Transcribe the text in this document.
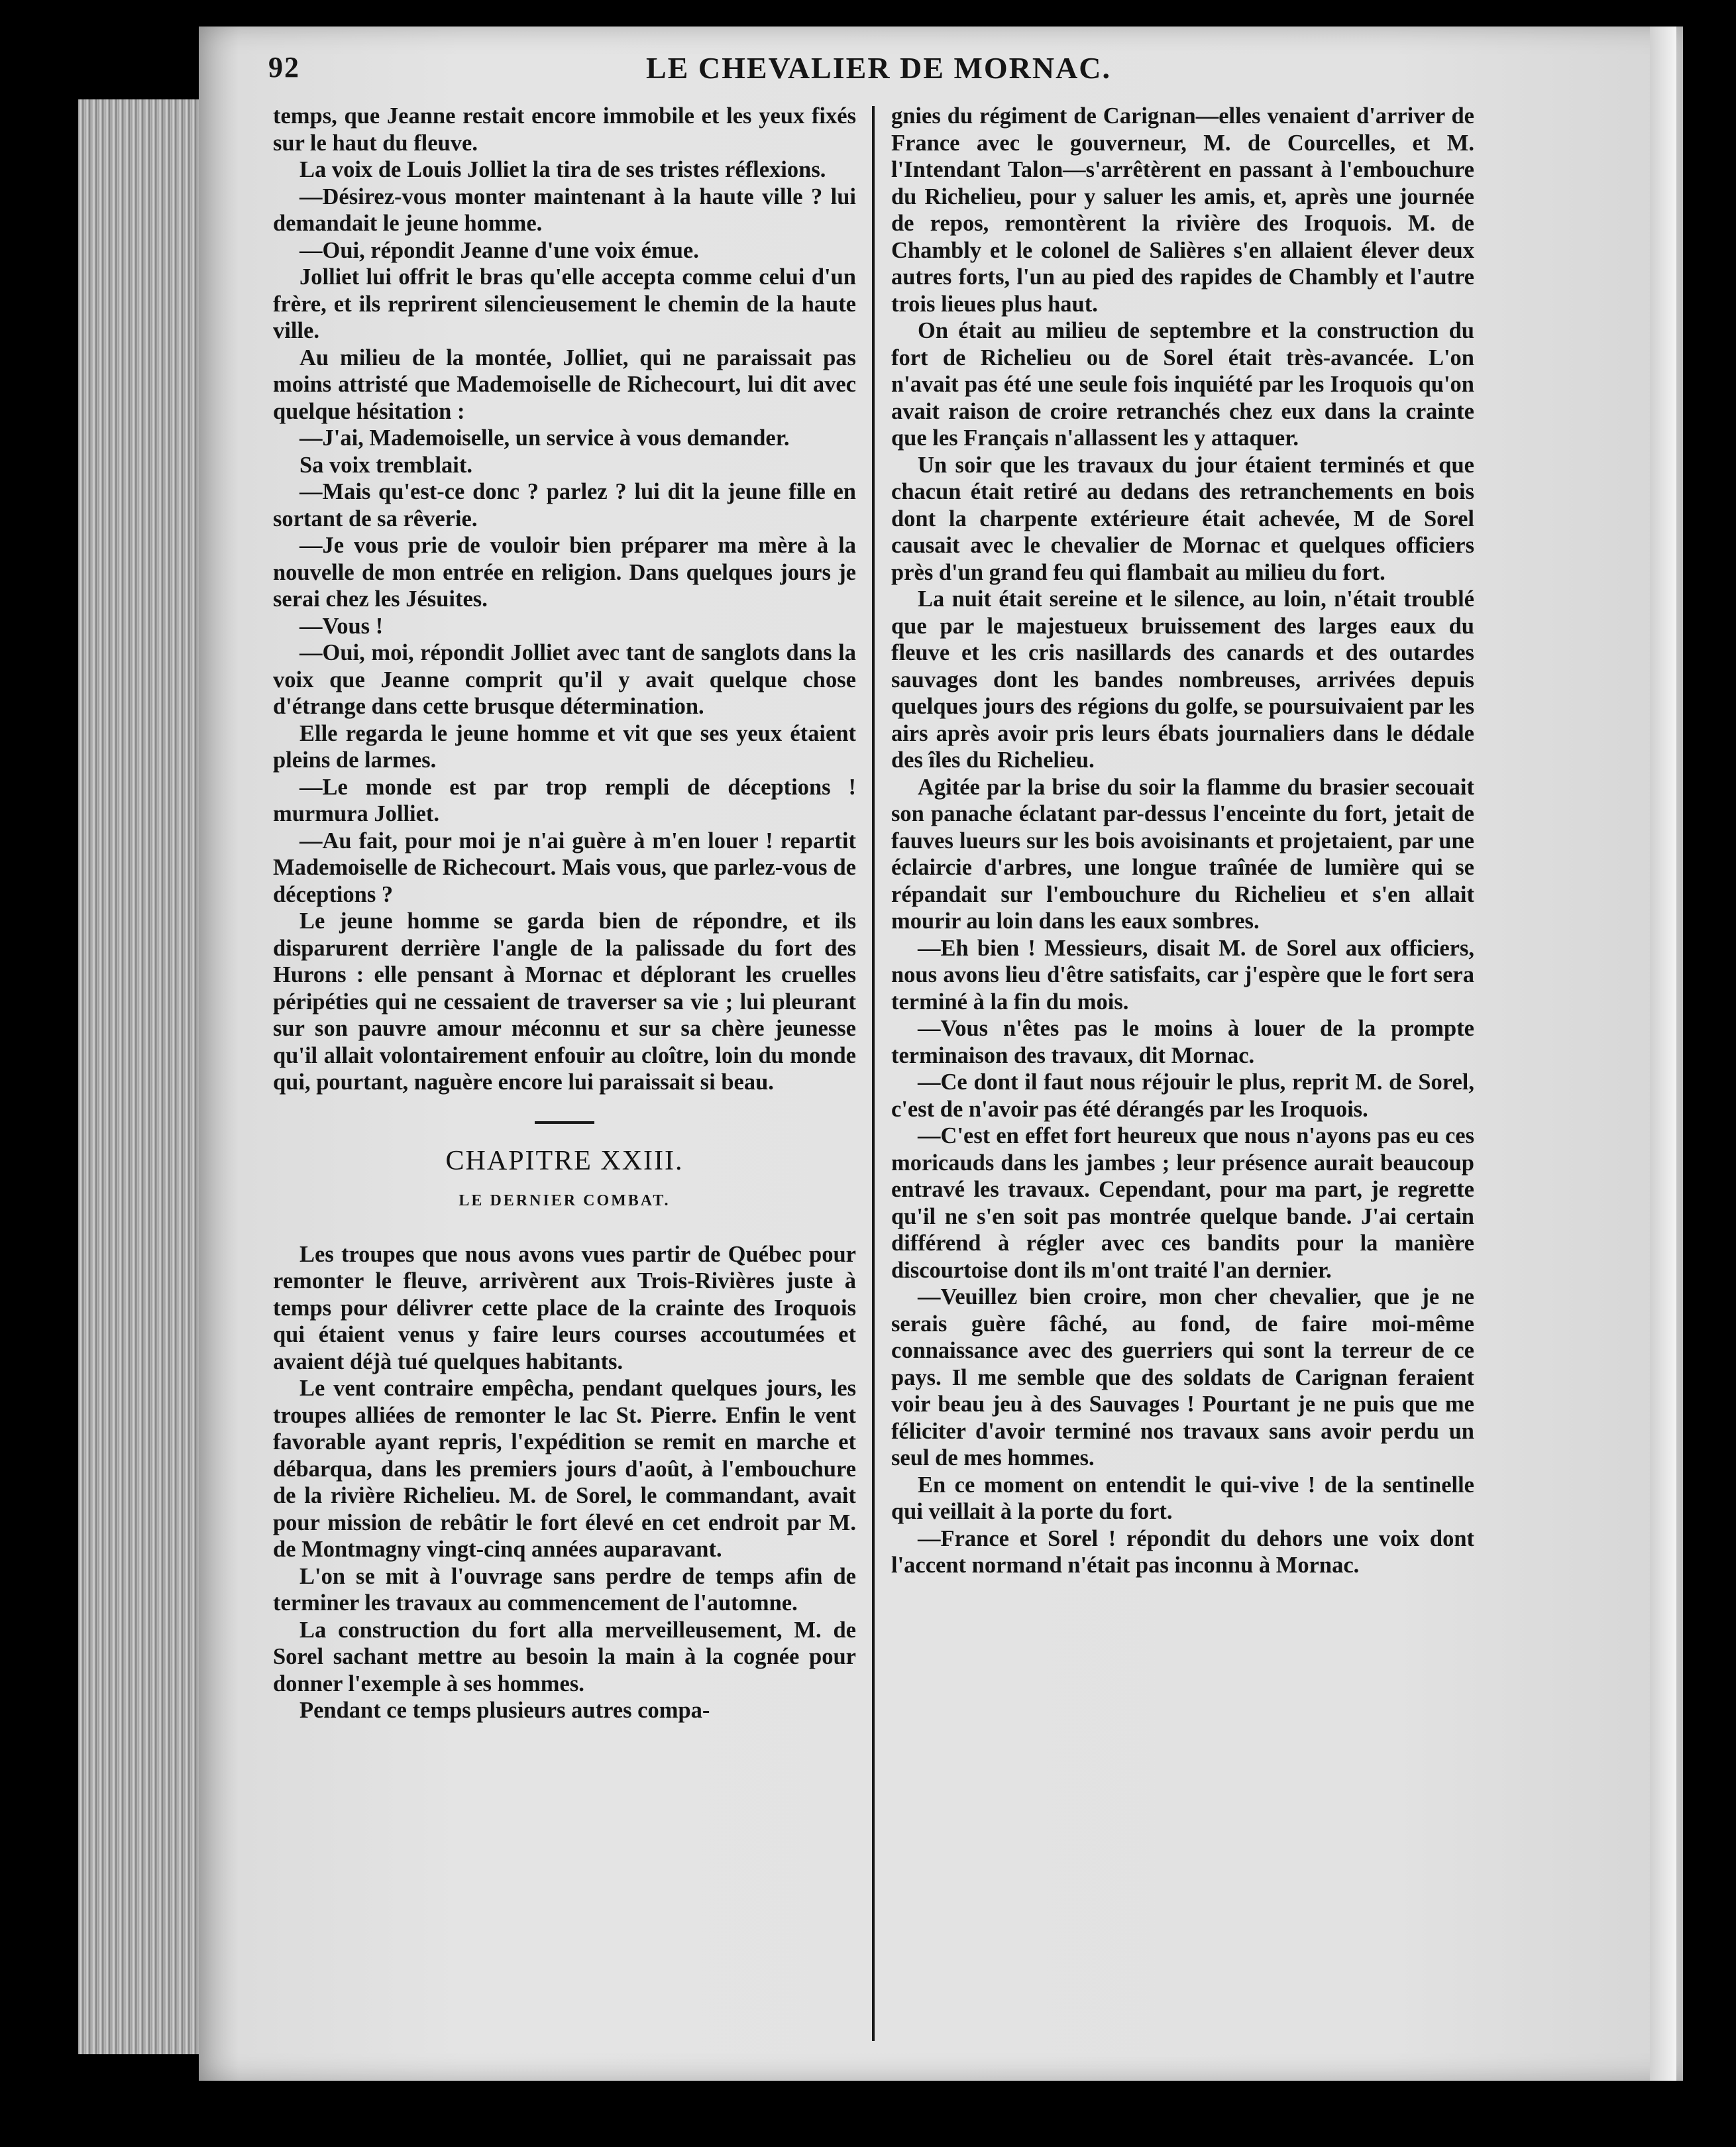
92	LE CHEVALIER DE MORNAC.

temps, que Jeanne restait encore immobile et les yeux fixés sur le haut du fleuve.

La voix de Louis Jolliet la tira de ses tristes réflexions.

—Désirez-vous monter maintenant à la haute ville ? lui demandait le jeune homme.

—Oui, répondit Jeanne d'une voix émue.

Jolliet lui offrit le bras qu'elle accepta comme celui d'un frère, et ils reprirent silencieusement le chemin de la haute ville.

Au milieu de la montée, Jolliet, qui ne paraissait pas moins attristé que Mademoiselle de Richecourt, lui dit avec quelque hésitation :

—J'ai, Mademoiselle, un service à vous demander.

Sa voix tremblait.

—Mais qu'est-ce donc ? parlez ? lui dit la jeune fille en sortant de sa rêverie.

—Je vous prie de vouloir bien préparer ma mère à la nouvelle de mon entrée en religion. Dans quelques jours je serai chez les Jésuites.

—Vous !

—Oui, moi, répondit Jolliet avec tant de sanglots dans la voix que Jeanne comprit qu'il y avait quelque chose d'étrange dans cette brusque détermination.

Elle regarda le jeune homme et vit que ses yeux étaient pleins de larmes.

—Le monde est par trop rempli de déceptions ! murmura Jolliet.

—Au fait, pour moi je n'ai guère à m'en louer ! repartit Mademoiselle de Richecourt. Mais vous, que parlez-vous de déceptions ?

Le jeune homme se garda bien de répondre, et ils disparurent derrière l'angle de la palissade du fort des Hurons : elle pensant à Mornac et déplorant les cruelles péripéties qui ne cessaient de traverser sa vie ; lui pleurant sur son pauvre amour méconnu et sur sa chère jeunesse qu'il allait volontairement enfouir au cloître, loin du monde qui, pourtant, naguère encore lui paraissait si beau.

CHAPITRE XXIII.

LE DERNIER COMBAT.

Les troupes que nous avons vues partir de Québec pour remonter le fleuve, arrivèrent aux Trois-Rivières juste à temps pour délivrer cette place de la crainte des Iroquois qui étaient venus y faire leurs courses accoutumées et avaient déjà tué quelques habitants.

Le vent contraire empêcha, pendant quelques jours, les troupes alliées de remonter le lac St. Pierre. Enfin le vent favorable ayant repris, l'expédition se remit en marche et débarqua, dans les premiers jours d'août, à l'embouchure de la rivière Richelieu. M. de Sorel, le commandant, avait pour mission de rebâtir le fort élevé en cet endroit par M. de Montmagny vingt-cinq années auparavant.

L'on se mit à l'ouvrage sans perdre de temps afin de terminer les travaux au commencement de l'automne.

La construction du fort alla merveilleusement, M. de Sorel sachant mettre au besoin la main à la cognée pour donner l'exemple à ses hommes.

Pendant ce temps plusieurs autres compa-

gnies du régiment de Carignan—elles venaient d'arriver de France avec le gouverneur, M. de Courcelles, et M. l'Intendant Talon—s'arrêtèrent en passant à l'embouchure du Richelieu, pour y saluer les amis, et, après une journée de repos, remontèrent la rivière des Iroquois. M. de Chambly et le colonel de Salières s'en allaient élever deux autres forts, l'un au pied des rapides de Chambly et l'autre trois lieues plus haut.

On était au milieu de septembre et la construction du fort de Richelieu ou de Sorel était très-avancée. L'on n'avait pas été une seule fois inquiété par les Iroquois qu'on avait raison de croire retranchés chez eux dans la crainte que les Français n'allassent les y attaquer.

Un soir que les travaux du jour étaient terminés et que chacun était retiré au dedans des retranchements en bois dont la charpente extérieure était achevée, M de Sorel causait avec le chevalier de Mornac et quelques officiers près d'un grand feu qui flambait au milieu du fort.

La nuit était sereine et le silence, au loin, n'était troublé que par le majestueux bruissement des larges eaux du fleuve et les cris nasillards des canards et des outardes sauvages dont les bandes nombreuses, arrivées depuis quelques jours des régions du golfe, se poursuivaient par les airs après avoir pris leurs ébats journaliers dans le dédale des îles du Richelieu.

Agitée par la brise du soir la flamme du brasier secouait son panache éclatant par-dessus l'enceinte du fort, jetait de fauves lueurs sur les bois avoisinants et projetaient, par une éclaircie d'arbres, une longue traînée de lumière qui se répandait sur l'embouchure du Richelieu et s'en allait mourir au loin dans les eaux sombres.

—Eh bien ! Messieurs, disait M. de Sorel aux officiers, nous avons lieu d'être satisfaits, car j'espère que le fort sera terminé à la fin du mois.

—Vous n'êtes pas le moins à louer de la prompte terminaison des travaux, dit Mornac.

—Ce dont il faut nous réjouir le plus, reprit M. de Sorel, c'est de n'avoir pas été dérangés par les Iroquois.

—C'est en effet fort heureux que nous n'ayons pas eu ces moricauds dans les jambes ; leur présence aurait beaucoup entravé les travaux. Cependant, pour ma part, je regrette qu'il ne s'en soit pas montrée quelque bande. J'ai certain différend à régler avec ces bandits pour la manière discourtoise dont ils m'ont traité l'an dernier.

—Veuillez bien croire, mon cher chevalier, que je ne serais guère fâché, au fond, de faire moi-même connaissance avec des guerriers qui sont la terreur de ce pays. Il me semble que des soldats de Carignan feraient voir beau jeu à des Sauvages ! Pourtant je ne puis que me féliciter d'avoir terminé nos travaux sans avoir perdu un seul de mes hommes.

En ce moment on entendit le qui-vive ! de la sentinelle qui veillait à la porte du fort.

—France et Sorel ! répondit du dehors une voix dont l'accent normand n'était pas inconnu à Mornac.
